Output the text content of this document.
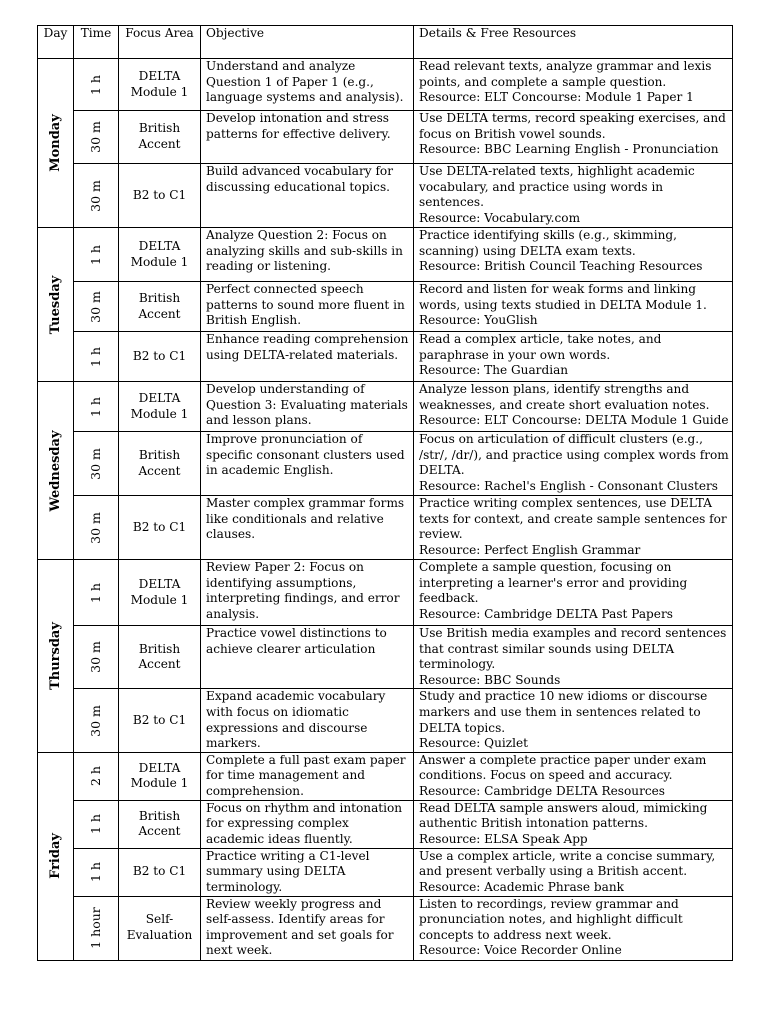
Day	Time	Focus Area	Objective	Details & Free Resources

Monday	1 h	DELTA Module 1	Understand and analyze Question 1 of Paper 1 (e.g., language systems and analysis).	Read relevant texts, analyze grammar and lexis points, and complete a sample question.
Resource: ELT Concourse: Module 1 Paper 1

	30 m	British Accent	Develop intonation and stress patterns for effective delivery.	Use DELTA terms, record speaking exercises, and focus on British vowel sounds.
Resource: BBC Learning English - Pronunciation

	30 m	B2 to C1	Build advanced vocabulary for discussing educational topics.	Use DELTA-related texts, highlight academic vocabulary, and practice using words in sentences.
Resource: Vocabulary.com

Tuesday	1 h	DELTA Module 1	Analyze Question 2: Focus on analyzing skills and sub-skills in reading or listening.	Practice identifying skills (e.g., skimming, scanning) using DELTA exam texts.
Resource: British Council Teaching Resources

	30 m	British Accent	Perfect connected speech patterns to sound more fluent in British English.	Record and listen for weak forms and linking words, using texts studied in DELTA Module 1.
Resource: YouGlish

	1 h	B2 to C1	Enhance reading comprehension using DELTA-related materials.	Read a complex article, take notes, and paraphrase in your own words.
Resource: The Guardian

Wednesday	1 h	DELTA Module 1	Develop understanding of Question 3: Evaluating materials and lesson plans.	Analyze lesson plans, identify strengths and weaknesses, and create short evaluation notes.
Resource: ELT Concourse: DELTA Module 1 Guide

	30 m	British Accent	Improve pronunciation of specific consonant clusters used in academic English.	Focus on articulation of difficult clusters (e.g., /str/, /dr/), and practice using complex words from DELTA.
Resource: Rachel's English - Consonant Clusters

	30 m	B2 to C1	Master complex grammar forms like conditionals and relative clauses.	Practice writing complex sentences, use DELTA texts for context, and create sample sentences for review.
Resource: Perfect English Grammar

Thursday	1 h	DELTA Module 1	Review Paper 2: Focus on identifying assumptions, interpreting findings, and error analysis.	Complete a sample question, focusing on interpreting a learner's error and providing feedback.
Resource: Cambridge DELTA Past Papers

	30 m	British Accent	Practice vowel distinctions to achieve clearer articulation	Use British media examples and record sentences that contrast similar sounds using DELTA terminology.
Resource: BBC Sounds

	30 m	B2 to C1	Expand academic vocabulary with focus on idiomatic expressions and discourse markers.	Study and practice 10 new idioms or discourse markers and use them in sentences related to DELTA topics.
Resource: Quizlet

Friday	2 h	DELTA Module 1	Complete a full past exam paper for time management and comprehension.	Answer a complete practice paper under exam conditions. Focus on speed and accuracy.
Resource: Cambridge DELTA Resources

	1 h	British Accent	Focus on rhythm and intonation for expressing complex academic ideas fluently.	Read DELTA sample answers aloud, mimicking authentic British intonation patterns.
Resource: ELSA Speak App

	1 h	B2 to C1	Practice writing a C1-level summary using DELTA terminology.	Use a complex article, write a concise summary, and present verbally using a British accent.
Resource: Academic Phrase bank

	1 hour	Self-Evaluation	Review weekly progress and self-assess. Identify areas for improvement and set goals for next week.	Listen to recordings, review grammar and pronunciation notes, and highlight difficult concepts to address next week.
Resource: Voice Recorder Online
